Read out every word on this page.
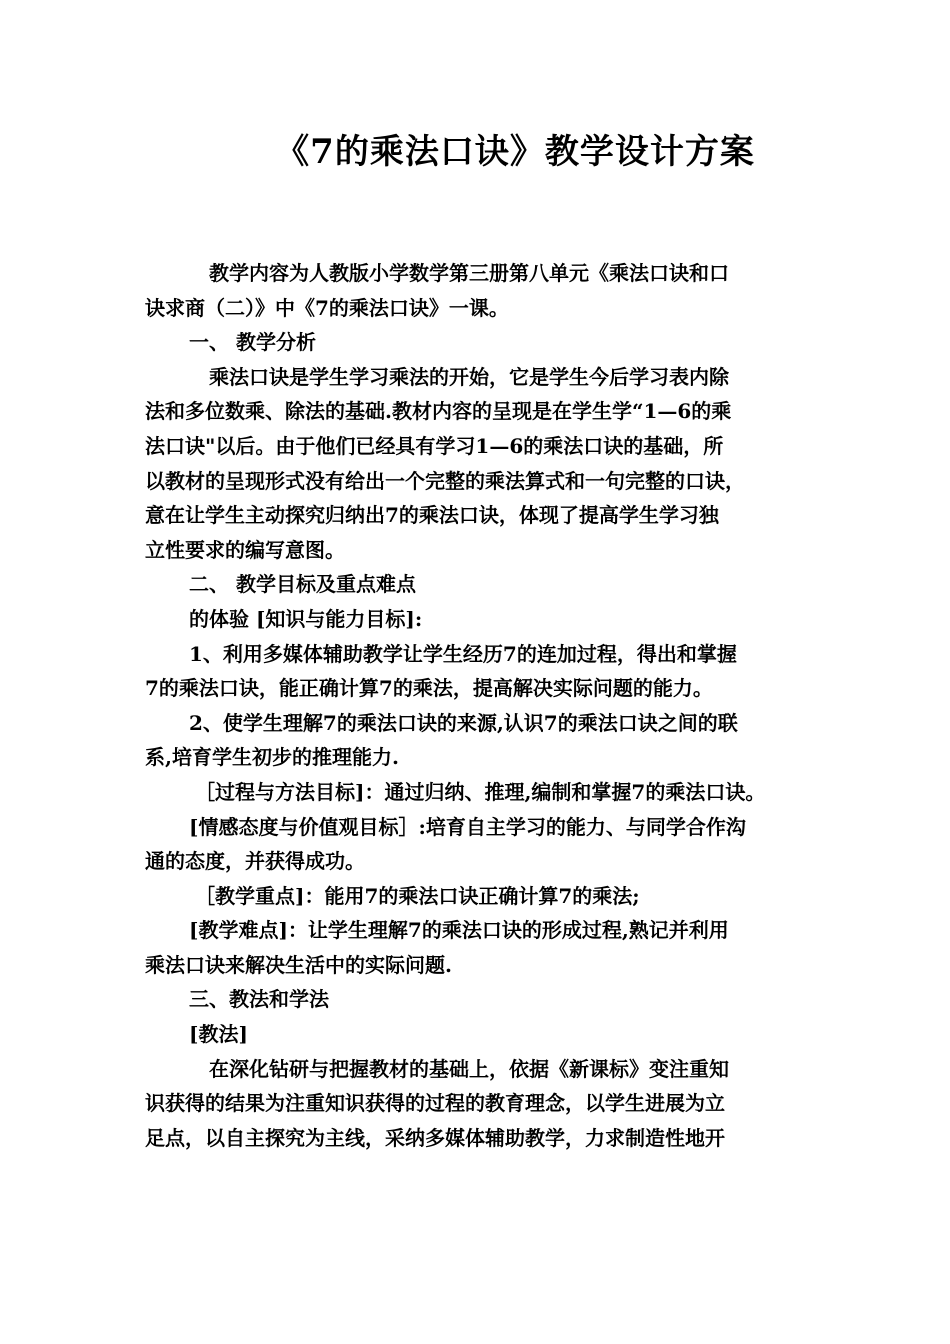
《7的乘法口诀》教学设计方案
教学内容为人教版小学数学第三册第八单元《乘法口诀和口
诀求商（二）》中《7的乘法口诀》一课。
一、 教学分析
乘法口诀是学生学习乘法的开始，它是学生今后学习表内除
法和多位数乘、除法的基础.教材内容的呈现是在学生学“1—6的乘
法口诀"以后。由于他们已经具有学习1—6的乘法口诀的基础，所
以教材的呈现形式没有给出一个完整的乘法算式和一句完整的口诀，
意在让学生主动探究归纳出7的乘法口诀，体现了提高学生学习独
立性要求的编写意图。
二、 教学目标及重点难点
的体验 [知识与能力目标]:
1、利用多媒体辅助教学让学生经历7的连加过程，得出和掌握
7的乘法口诀，能正确计算7的乘法，提高解决实际问题的能力。
2、使学生理解7的乘法口诀的来源,认识7的乘法口诀之间的联
系,培育学生初步的推理能力.
［过程与方法目标]：通过归纳、推理,编制和掌握7的乘法口诀。
[情感态度与价值观目标］:培育自主学习的能力、与同学合作沟
通的态度，并获得成功。
［教学重点]：能用7的乘法口诀正确计算7的乘法;
[教学难点]：让学生理解7的乘法口诀的形成过程,熟记并利用
乘法口诀来解决生活中的实际问题.
三、教法和学法
[教法]
在深化钻研与把握教材的基础上，依据《新课标》变注重知
识获得的结果为注重知识获得的过程的教育理念，以学生进展为立
足点，以自主探究为主线，采纳多媒体辅助教学，力求制造性地开
